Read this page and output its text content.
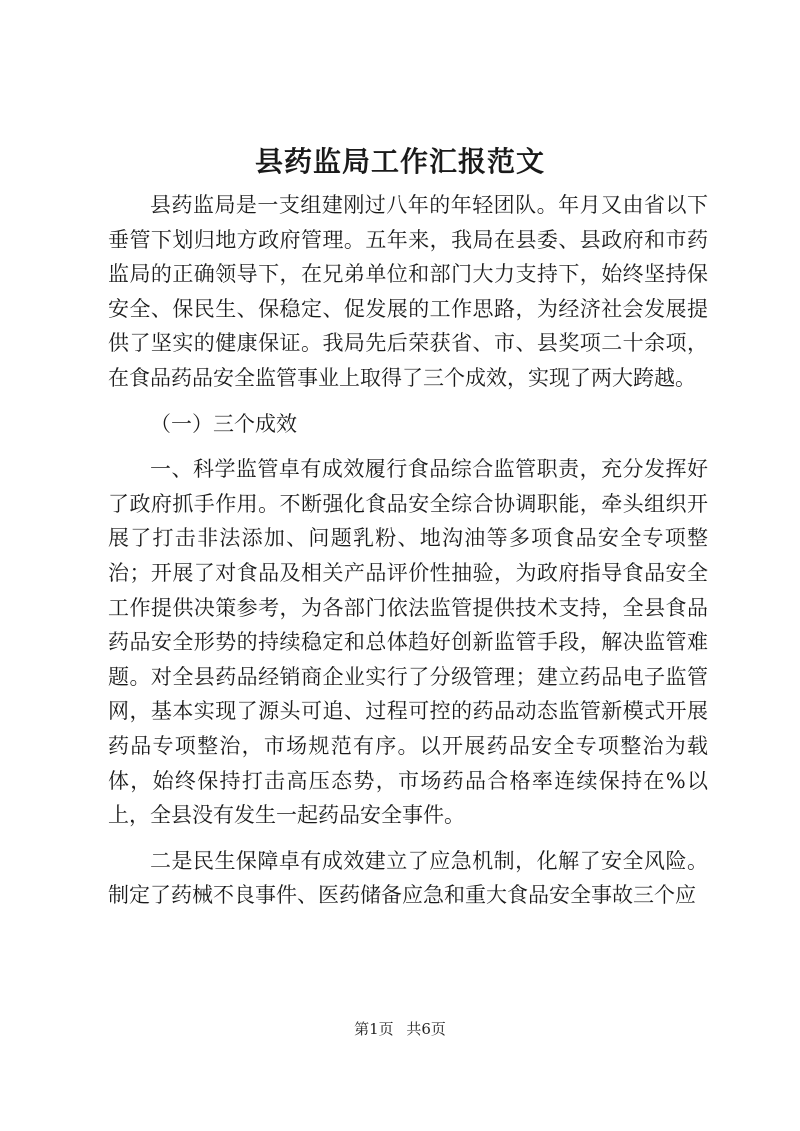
县药监局工作汇报范文

县药监局是一支组建刚过八年的年轻团队。年月又由省以下垂管下划归地方政府管理。五年来，我局在县委、县政府和市药监局的正确领导下，在兄弟单位和部门大力支持下，始终坚持保安全、保民生、保稳定、促发展的工作思路，为经济社会发展提供了坚实的健康保证。我局先后荣获省、市、县奖项二十余项，在食品药品安全监管事业上取得了三个成效，实现了两大跨越。

（一）三个成效

一、科学监管卓有成效履行食品综合监管职责，充分发挥好了政府抓手作用。不断强化食品安全综合协调职能，牵头组织开展了打击非法添加、问题乳粉、地沟油等多项食品安全专项整治；开展了对食品及相关产品评价性抽验，为政府指导食品安全工作提供决策参考，为各部门依法监管提供技术支持，全县食品药品安全形势的持续稳定和总体趋好创新监管手段，解决监管难题。对全县药品经销商企业实行了分级管理；建立药品电子监管网，基本实现了源头可追、过程可控的药品动态监管新模式开展药品专项整治，市场规范有序。以开展药品安全专项整治为载体，始终保持打击高压态势，市场药品合格率连续保持在%以上，全县没有发生一起药品安全事件。

二是民生保障卓有成效建立了应急机制，化解了安全风险。制定了药械不良事件、医药储备应急和重大食品安全事故三个应

第1页 共6页
